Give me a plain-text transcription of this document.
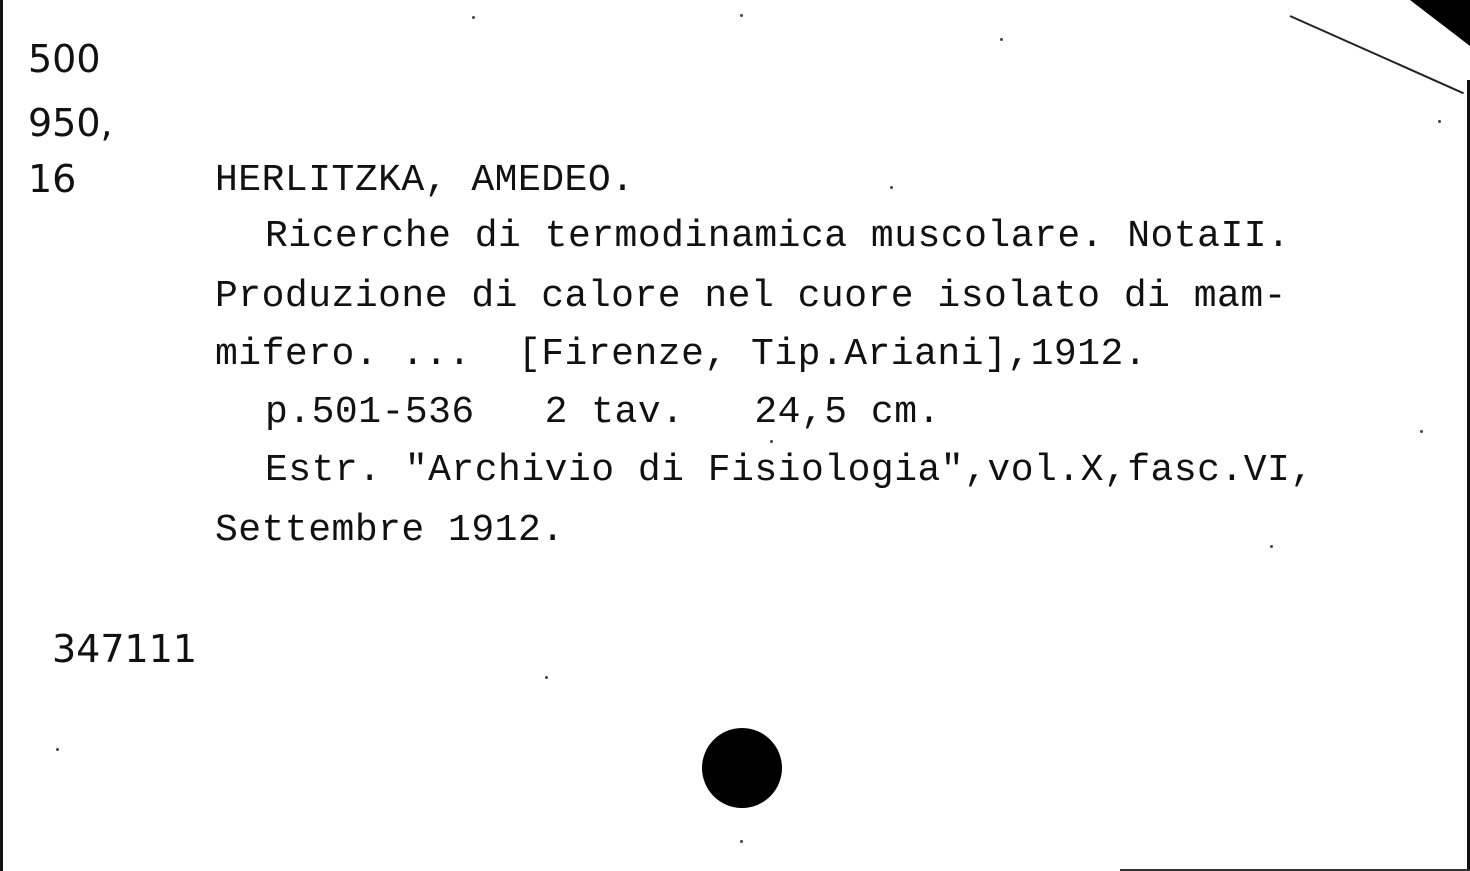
500
950,
16	HERLITZKA, AMEDEO.
Ricerche di termodinamica muscolare. NotaII.
Produzione di calore nel cuore isolato di mam-
mifero. ...  [Firenze, Tip.Ariani],1912.
p.501-536   2 tav.   24,5 cm.
Estr. "Archivio di Fisiologia",vol.X,fasc.VI,
Settembre 1912.
347111
